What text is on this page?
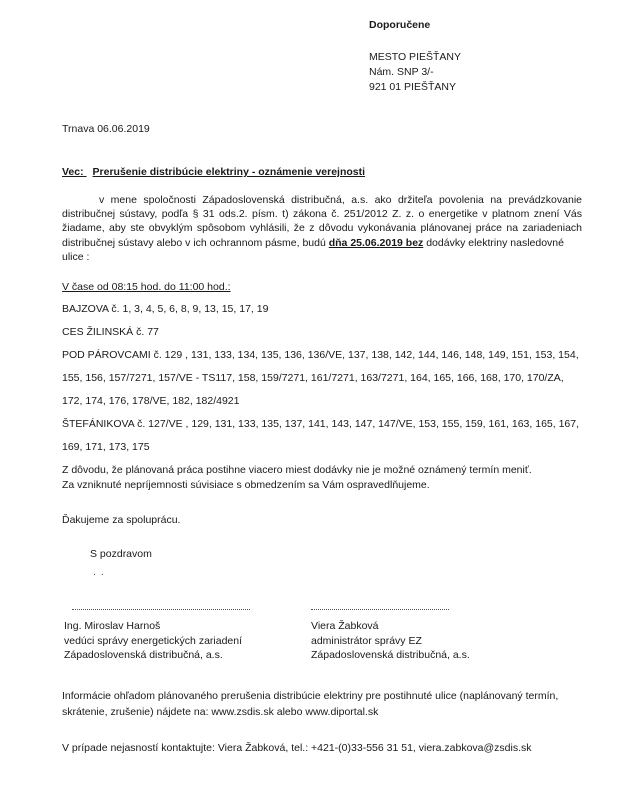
Doporučene
MESTO PIEŠŤANY
Nám. SNP 3/-
921 01 PIEŠŤANY
Trnava 06.06.2019
Vec: Prerušenie distribúcie elektriny - oznámenie verejnosti
v mene spoločnosti Západoslovenská distribučná, a.s. ako držiteľa povolenia na prevádzkovanie
distribučnej sústavy, podľa § 31 ods.2. písm. t) zákona č. 251/2012 Z. z. o energetike v platnom znení Vás
žiadame, aby ste obvyklým spôsobom vyhlásili, že z dôvodu vykonávania plánovanej práce na zariadeniach
distribučnej sústavy alebo v ich ochrannom pásme, budú dňa 25.06.2019 bez dodávky elektriny nasledovné
ulice :
V čase od 08:15 hod. do 11:00 hod.:
BAJZOVA č. 1, 3, 4, 5, 6, 8, 9, 13, 15, 17, 19
CES ŽILINSKÁ č. 77
POD PÁROVCAMI č. 129 , 131, 133, 134, 135, 136, 136/VE, 137, 138, 142, 144, 146, 148, 149, 151, 153, 154,
155, 156, 157/7271, 157/VE - TS117, 158, 159/7271, 161/7271, 163/7271, 164, 165, 166, 168, 170, 170/ZA,
172, 174, 176, 178/VE, 182, 182/4921
ŠTEFÁNIKOVA č. 127/VE , 129, 131, 133, 135, 137, 141, 143, 147, 147/VE, 153, 155, 159, 161, 163, 165, 167,
169, 171, 173, 175
Z dôvodu, že plánovaná práca postihne viacero miest dodávky nie je možné oznámený termín meniť.
Za vzniknuté nepríjemnosti súvisiace s obmedzením sa Vám ospravedlňujeme.
Ďakujeme za spoluprácu.
S pozdravom
. .
Ing. Miroslav Harnoš
vedúci správy energetických zariadení
Západoslovenská distribučná, a.s.
Viera Žabková
administrátor správy EZ
Západoslovenská distribučná, a.s.
Informácie ohľadom plánovaného prerušenia distribúcie elektriny pre postihnuté ulice (naplánovaný termín,
skrátenie, zrušenie) nájdete na: www.zsdis.sk alebo www.diportal.sk
V prípade nejasností kontaktujte: Viera Žabková, tel.: +421-(0)33-556 31 51, viera.zabkova@zsdis.sk
